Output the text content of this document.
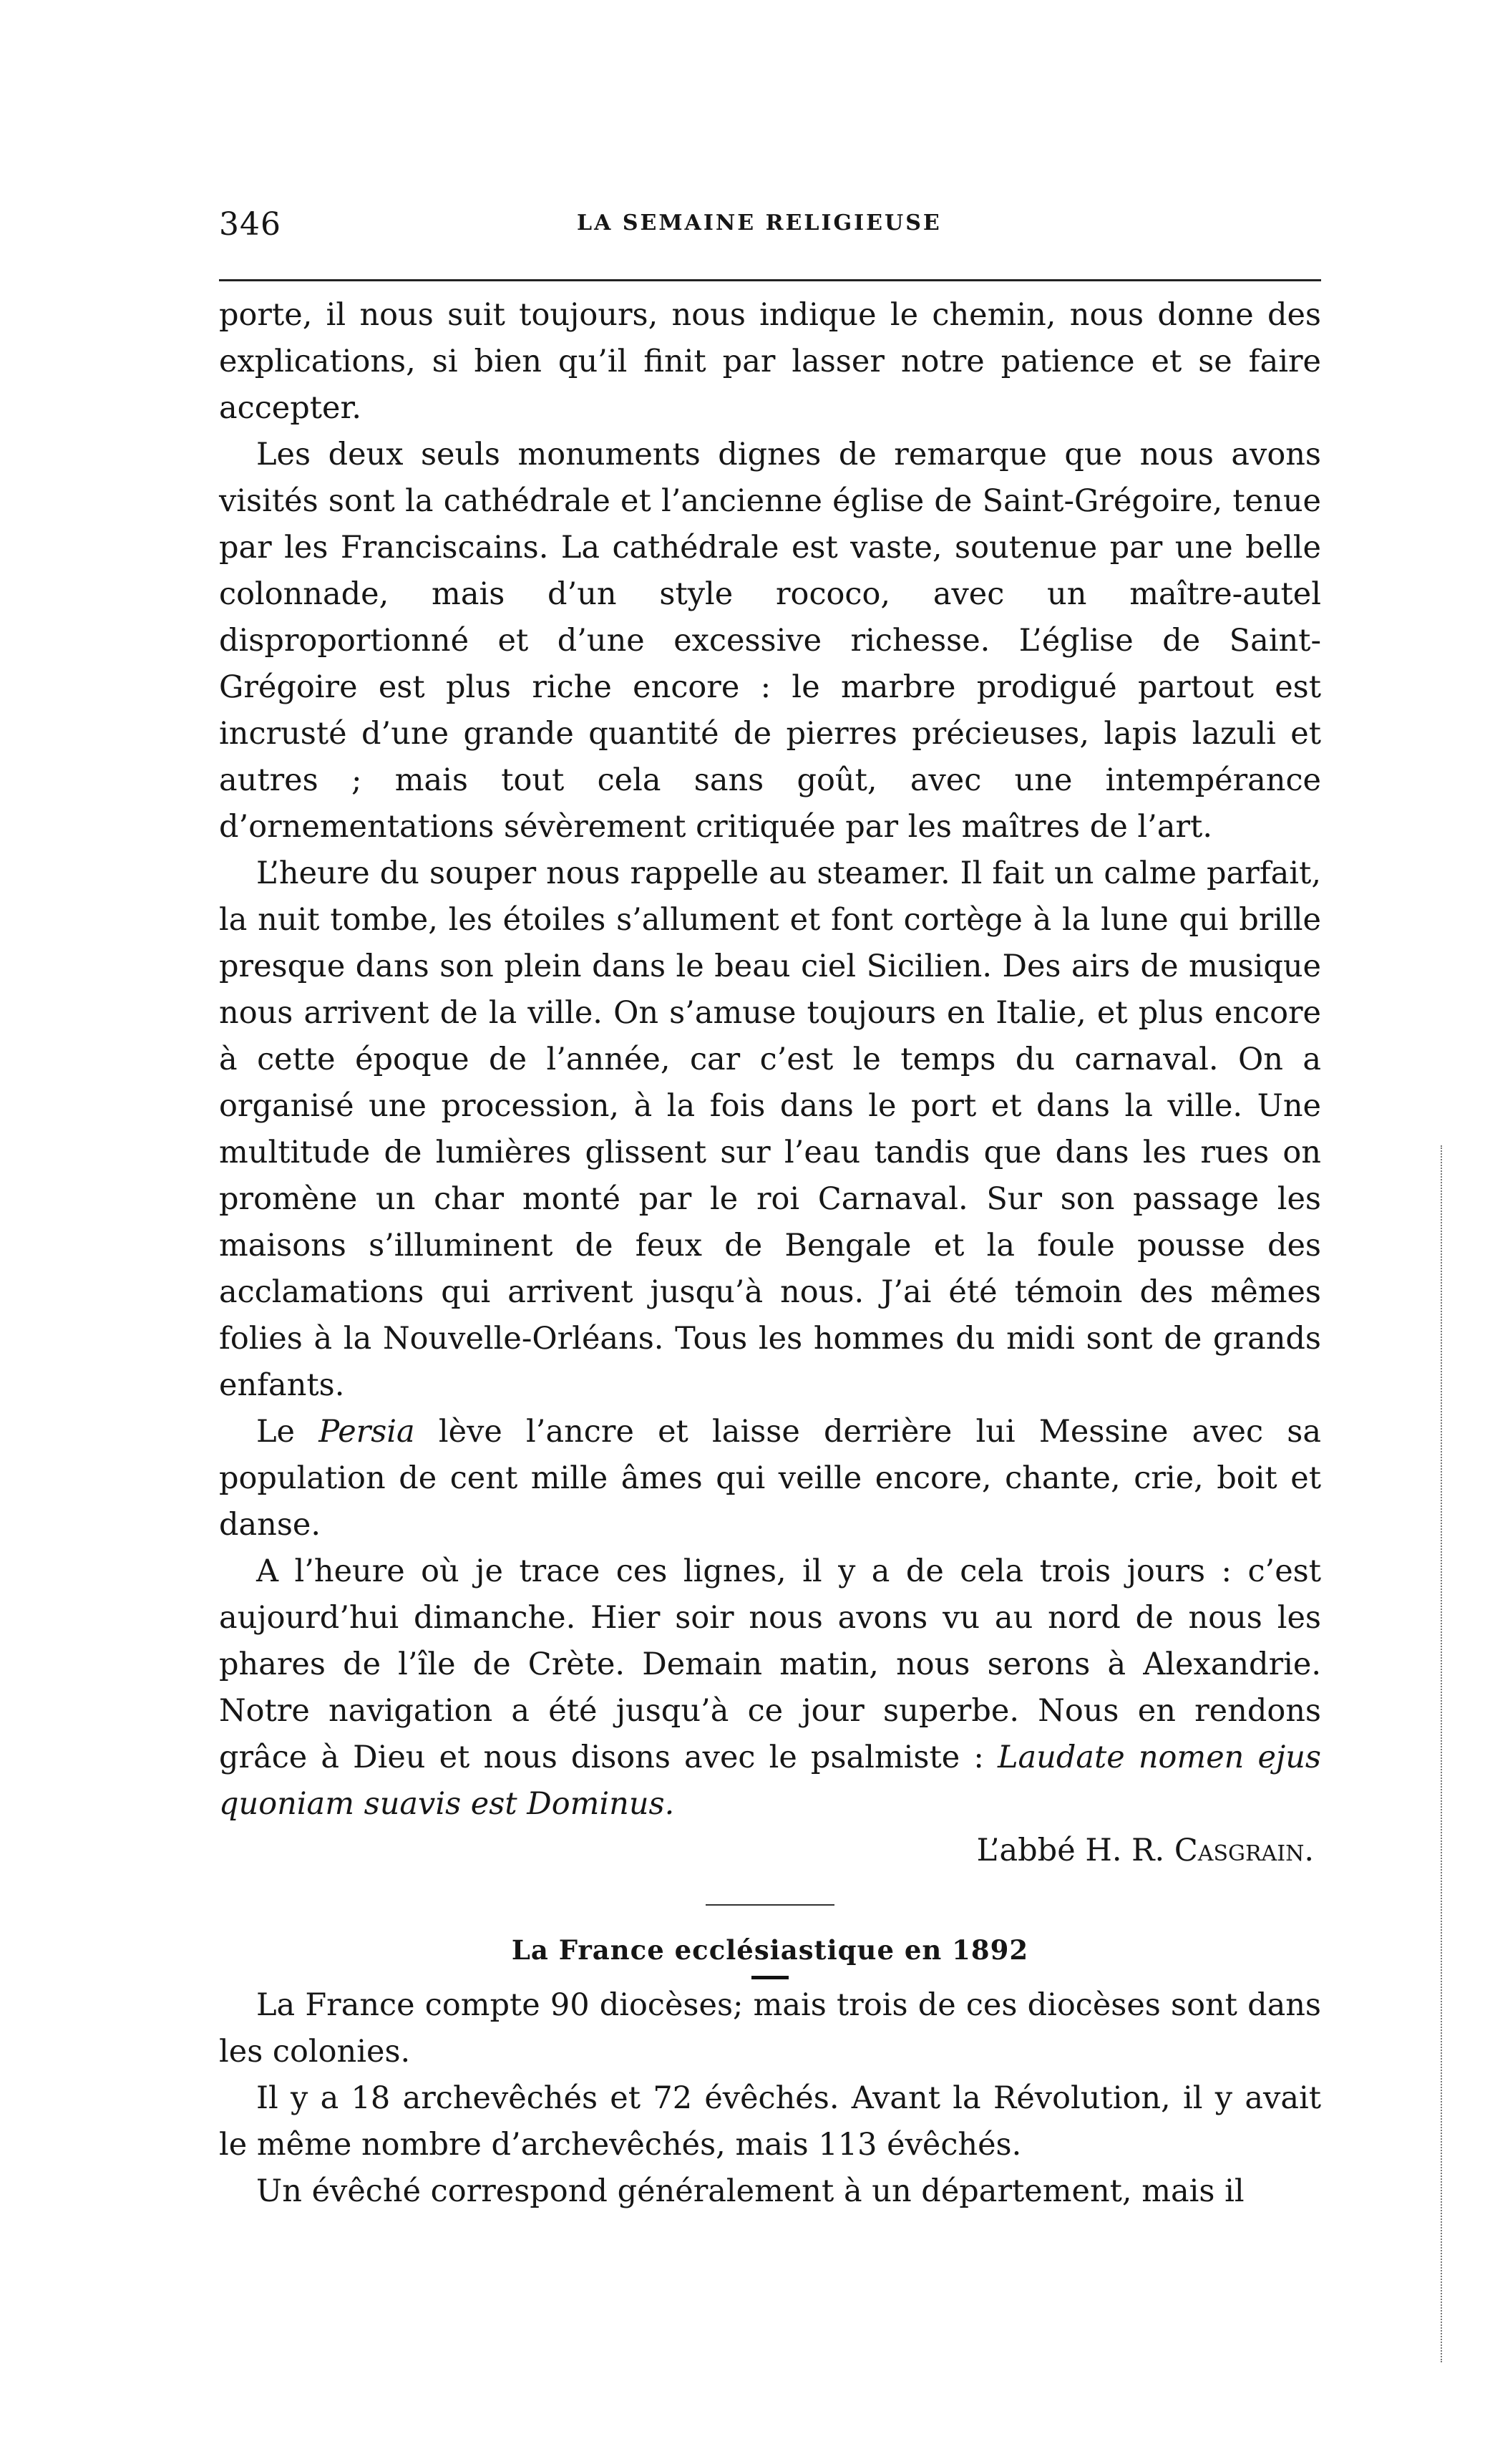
346	LA SEMAINE RELIGIEUSE

porte, il nous suit toujours, nous indique le chemin, nous donne des explications, si bien qu’il finit par lasser notre patience et se faire accepter.

Les deux seuls monuments dignes de remarque que nous avons visités sont la cathédrale et l’ancienne église de Saint-Grégoire, tenue par les Franciscains. La cathédrale est vaste, soutenue par une belle colonnade, mais d’un style rococo, avec un maître-autel disproportionné et d’une excessive richesse. L’église de Saint-Grégoire est plus riche encore : le marbre prodigué partout est incrusté d’une grande quantité de pierres précieuses, lapis lazuli et autres ; mais tout cela sans goût, avec une intempérance d’ornementations sévèrement critiquée par les maîtres de l’art.

L’heure du souper nous rappelle au steamer. Il fait un calme parfait, la nuit tombe, les étoiles s’allument et font cortège à la lune qui brille presque dans son plein dans le beau ciel Sicilien. Des airs de musique nous arrivent de la ville. On s’amuse toujours en Italie, et plus encore à cette époque de l’année, car c’est le temps du carnaval. On a organisé une procession, à la fois dans le port et dans la ville. Une multitude de lumières glissent sur l’eau tandis que dans les rues on promène un char monté par le roi Carnaval. Sur son passage les maisons s’illuminent de feux de Bengale et la foule pousse des acclamations qui arrivent jusqu’à nous. J’ai été témoin des mêmes folies à la Nouvelle-Orléans. Tous les hommes du midi sont de grands enfants.

Le Persia lève l’ancre et laisse derrière lui Messine avec sa population de cent mille âmes qui veille encore, chante, crie, boit et danse.

A l’heure où je trace ces lignes, il y a de cela trois jours : c’est aujourd’hui dimanche. Hier soir nous avons vu au nord de nous les phares de l’île de Crète. Demain matin, nous serons à Alexandrie. Notre navigation a été jusqu’à ce jour superbe. Nous en rendons grâce à Dieu et nous disons avec le psalmiste : Laudate nomen ejus quoniam suavis est Dominus.

L’abbé H. R. Casgrain.

La France ecclésiastique en 1892

La France compte 90 diocèses; mais trois de ces diocèses sont dans les colonies.

Il y a 18 archevêchés et 72 évêchés. Avant la Révolution, il y avait le même nombre d’archevêchés, mais 113 évêchés.

Un évêché correspond généralement à un département, mais il
